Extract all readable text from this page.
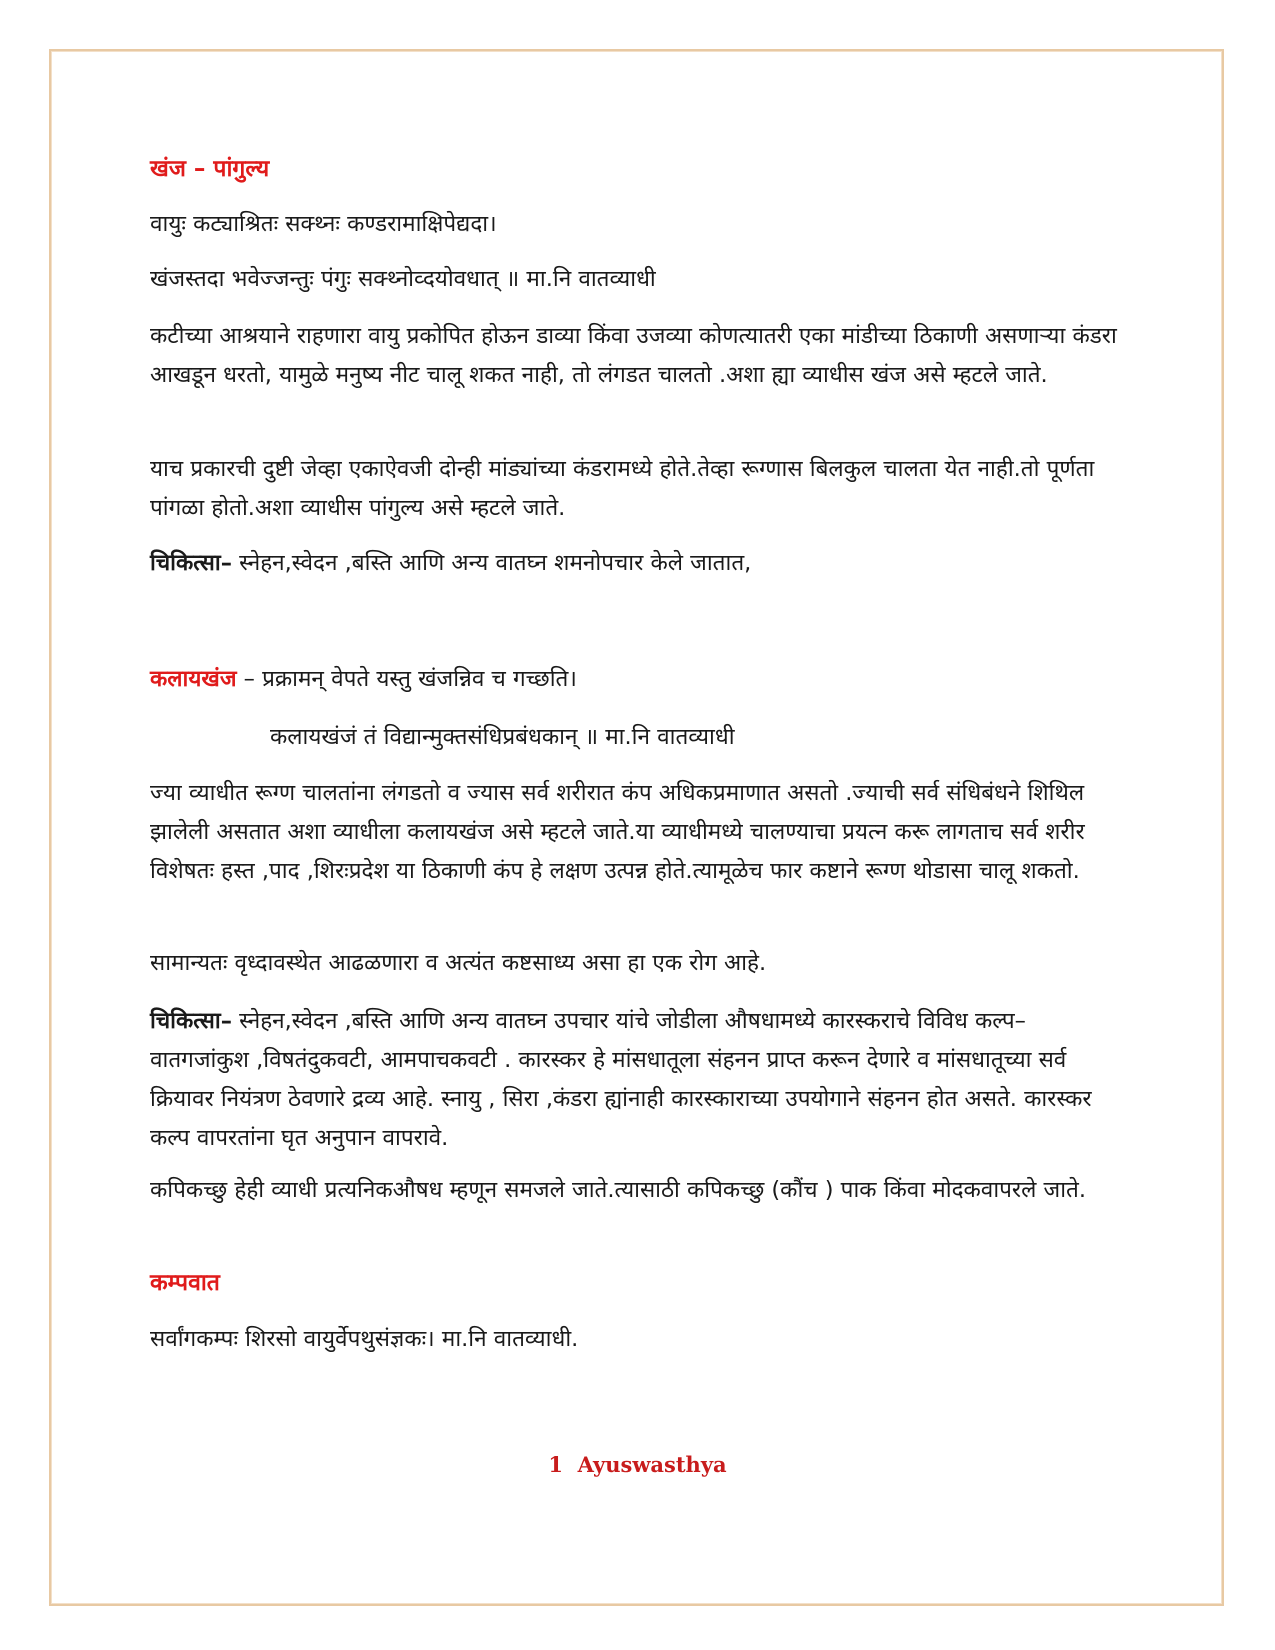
खंज – पांगुल्य

वायुः कट्याश्रितः सक्थ्नः कण्डरामाक्षिपेद्यदा।

खंजस्तदा भवेज्जन्तुः पंगुः सक्थ्नोव्दयोवधात् ॥ मा.नि वातव्याधी

कटीच्या आश्रयाने राहणारा वायु प्रकोपित होऊन डाव्या किंवा उजव्या कोणत्यातरी एका मांडीच्या ठिकाणी असणाऱ्या कंडरा आखडून धरतो, यामुळे मनुष्य नीट चालू शकत नाही, तो लंगडत चालतो .अशा ह्या व्याधीस खंज असे म्हटले जाते.

याच प्रकारची दुष्टी जेव्हा एकाऐवजी दोन्ही मांड्यांच्या कंडरामध्ये होते.तेव्हा रूग्णास बिलकुल चालता येत नाही.तो पूर्णता पांगळा होतो.अशा व्याधीस पांगुल्य असे म्हटले जाते.

चिकित्सा– स्नेहन,स्वेदन ,बस्ति आणि अन्य वातघ्न शमनोपचार केले जातात,

कलायखंज – प्रक्रामन् वेपते यस्तु खंजन्निव च गच्छति।

कलायखंजं तं विद्यान्मुक्तसंधिप्रबंधकान् ॥ मा.नि वातव्याधी

ज्या व्याधीत रूग्ण चालतांना लंगडतो व ज्यास सर्व शरीरात कंप अधिकप्रमाणात असतो .ज्याची सर्व संधिबंधने शिथिल झालेली असतात अशा व्याधीला कलायखंज असे म्हटले जाते.या व्याधीमध्ये चालण्याचा प्रयत्न करू लागताच सर्व शरीर विशेषतः हस्त ,पाद ,शिरःप्रदेश या ठिकाणी कंप हे लक्षण उत्पन्न होते.त्यामूळेच फार कष्टाने रूग्ण थोडासा चालू शकतो.

सामान्यतः वृध्दावस्थेत आढळणारा व अत्यंत कष्टसाध्य असा हा एक रोग आहे.

चिकित्सा– स्नेहन,स्वेदन ,बस्ति आणि अन्य वातघ्न उपचार यांचे जोडीला औषधामध्ये कारस्कराचे विविध कल्प– वातगजांकुश ,विषतंदुकवटी, आमपाचकवटी . कारस्कर हे मांसधातूला संहनन प्राप्त करून देणारे व मांसधातूच्या सर्व क्रियावर नियंत्रण ठेवणारे द्रव्य आहे. स्नायु , सिरा ,कंडरा ह्यांनाही कारस्काराच्या उपयोगाने संहनन होत असते. कारस्कर कल्प वापरतांना घृत अनुपान वापरावे.

कपिकच्छु हेही व्याधी प्रत्यनिकऔषध म्हणून समजले जाते.त्यासाठी कपिकच्छु (कौंच ) पाक किंवा मोदकवापरले जाते.

कम्पवात

सर्वांगकम्पः शिरसो वायुर्वेपथुसंज्ञकः। मा.नि वातव्याधी.

1 Ayuswasthya
